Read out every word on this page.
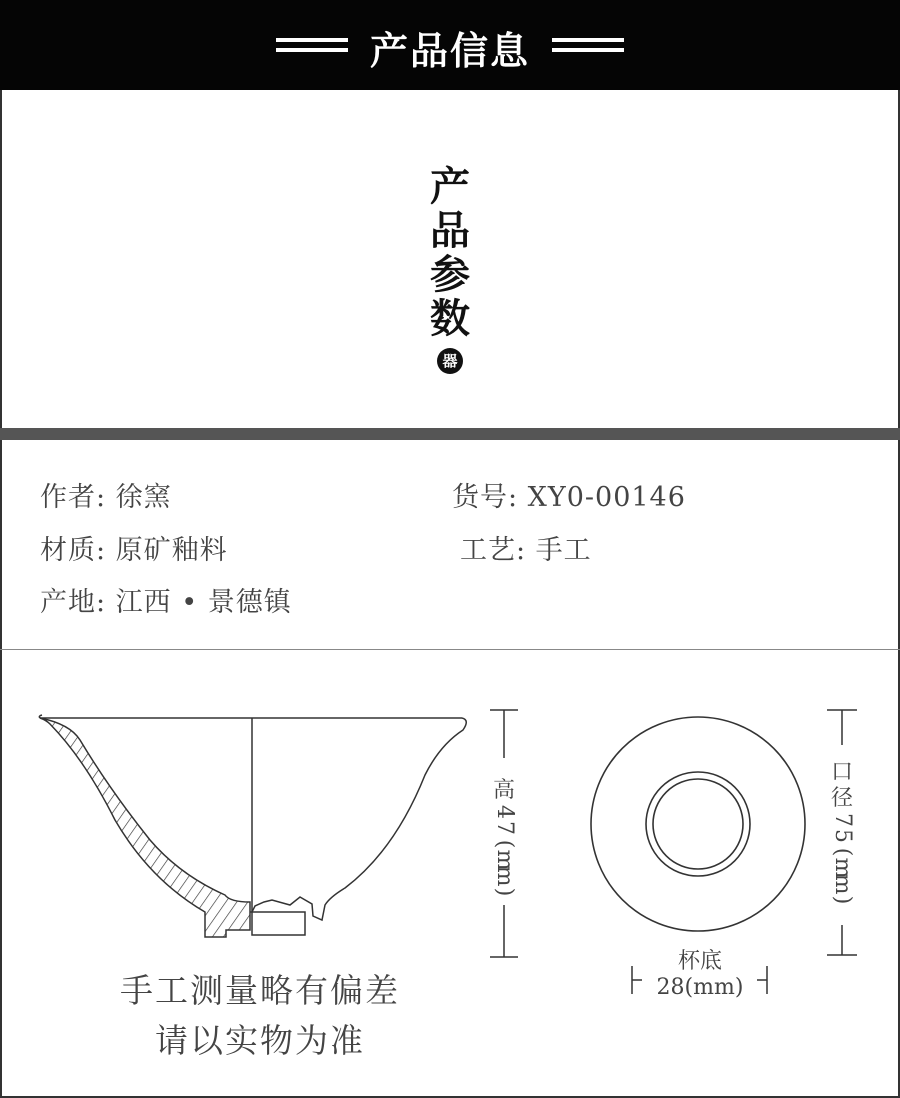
产品信息
产
品
参
数
器
作者: 徐窯	货号: XY0-00146
材质: 原矿釉料	工艺: 手工
产地: 江西 • 景德镇
高
4
7
(
m
m
)
口
径
7
5
(
m
m
)
杯底
28(mm)
手工测量略有偏差
请以实物为准
